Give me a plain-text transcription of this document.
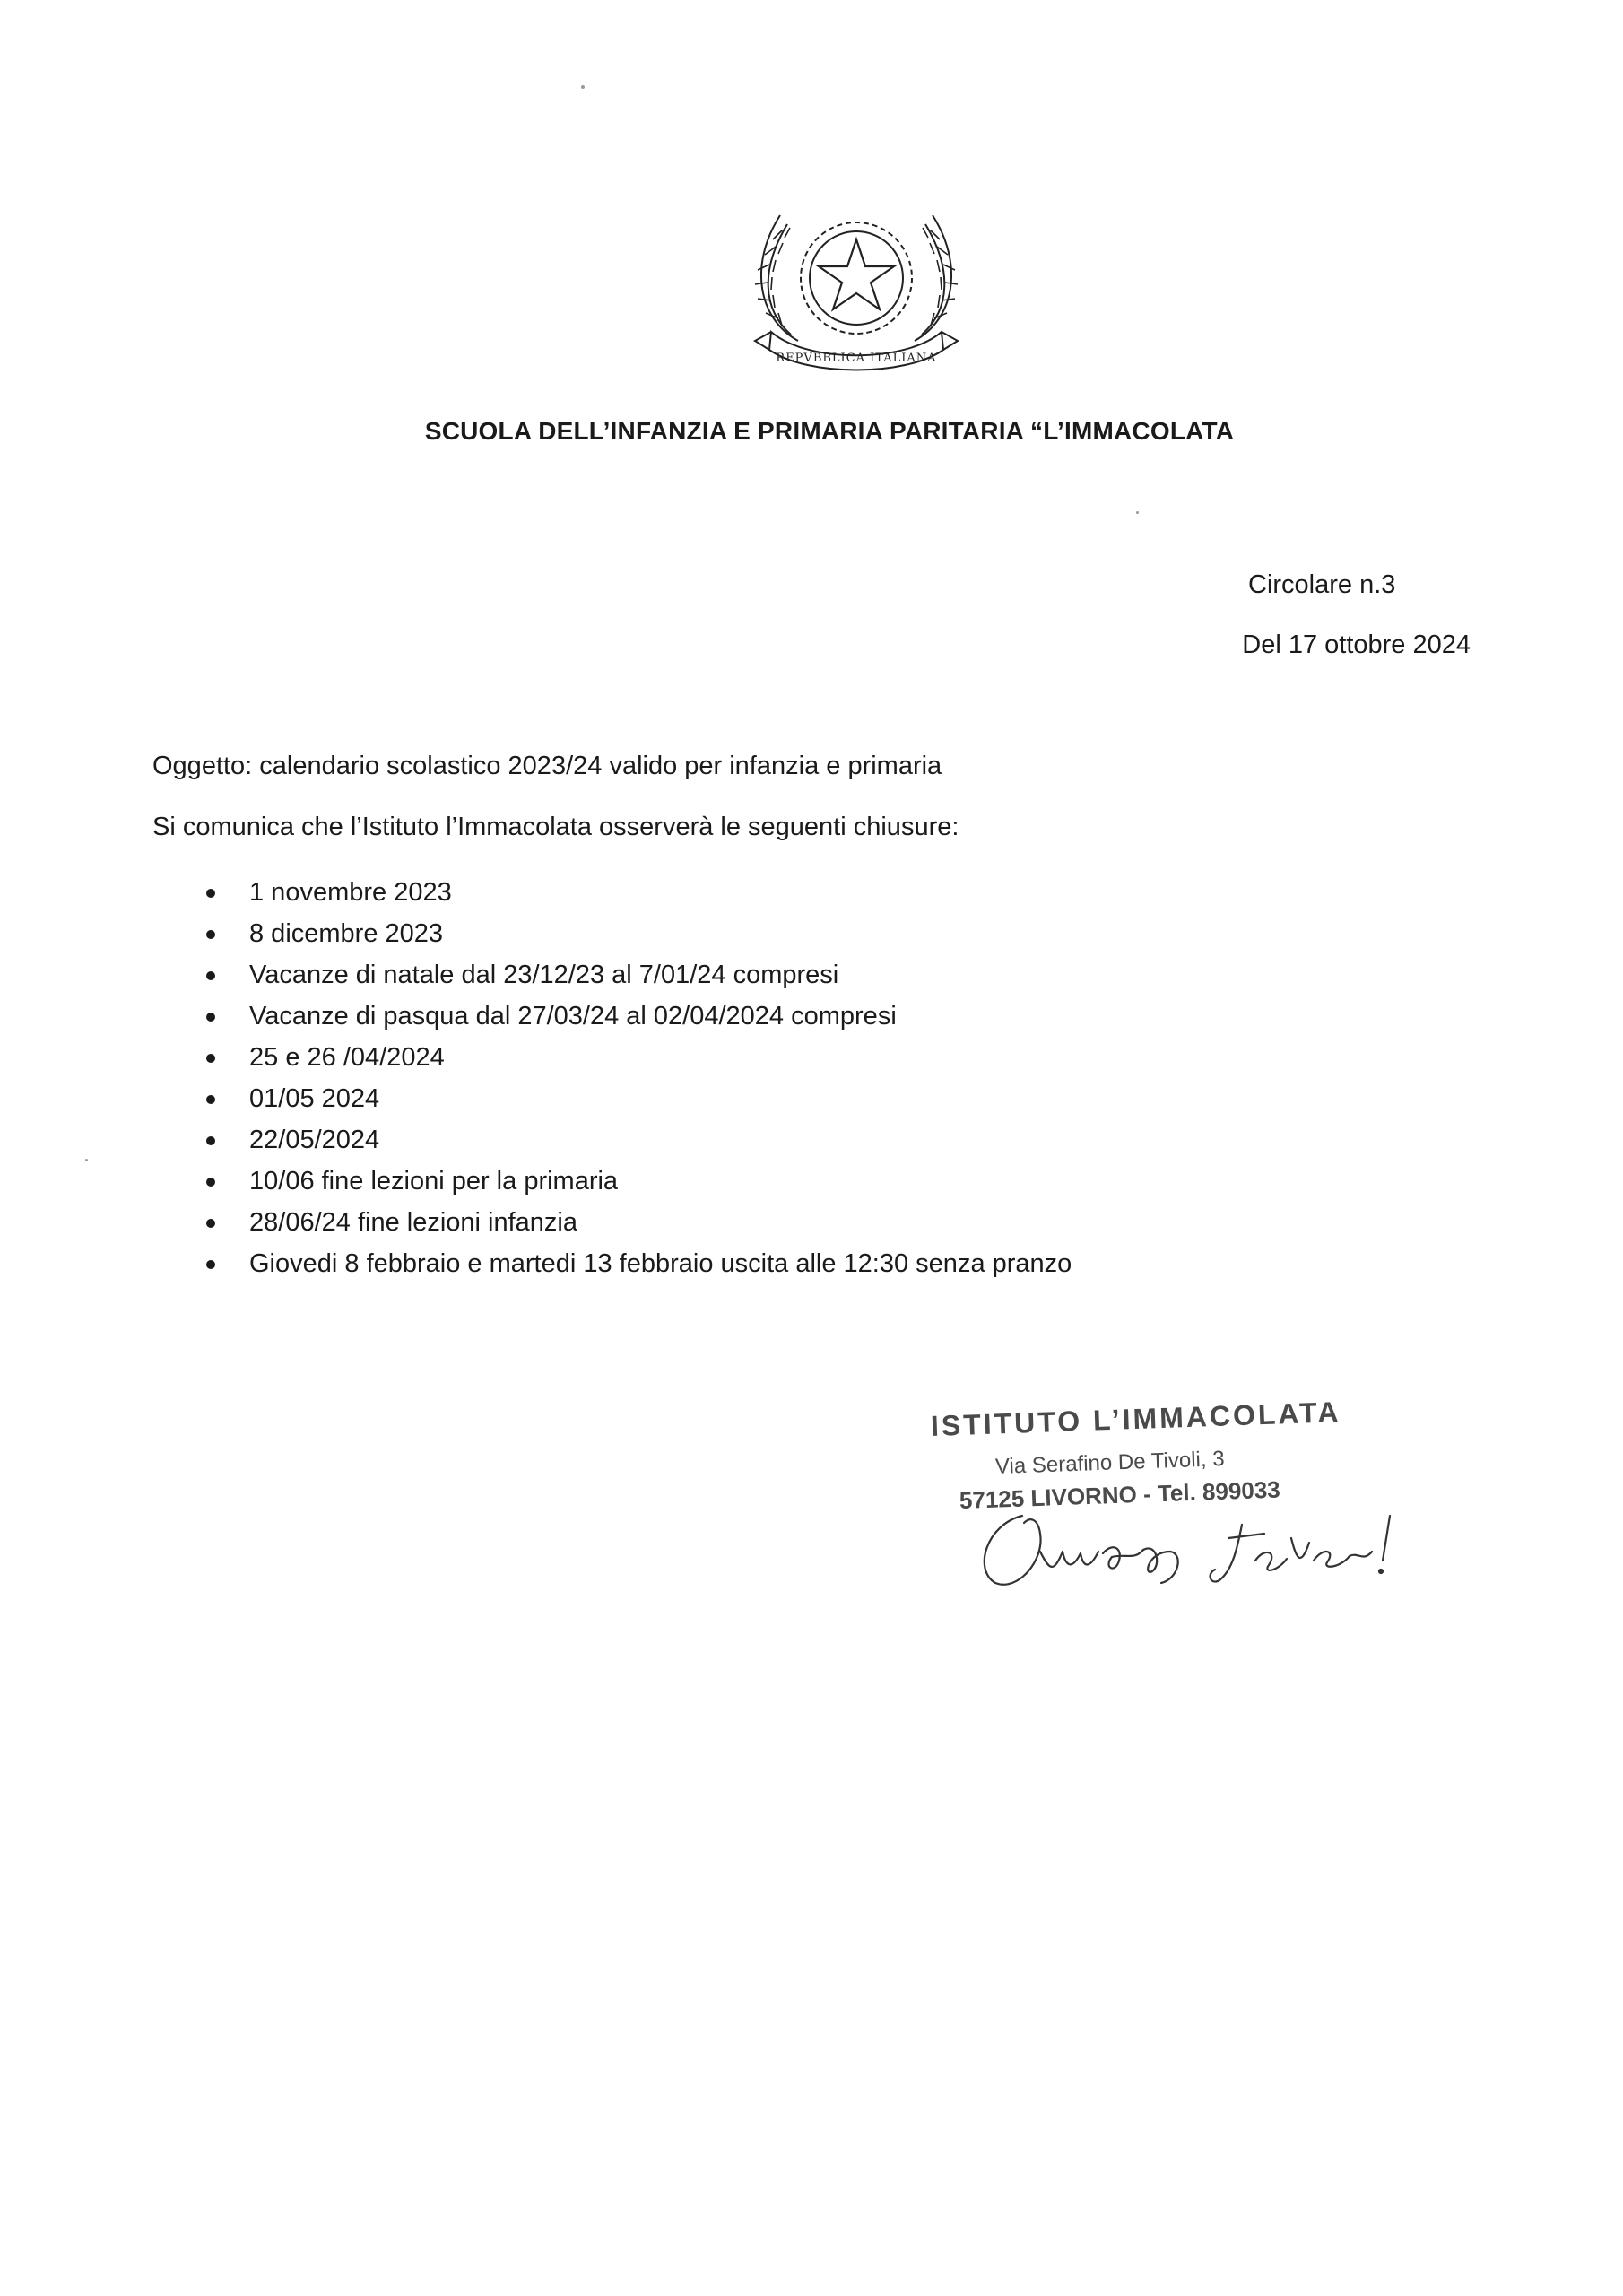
REPVBBLICA ITALIANA
SCUOLA DELL’INFANZIA E PRIMARIA PARITARIA “L’IMMACOLATA
Circolare n.3
Del 17 ottobre 2024
Oggetto: calendario scolastico 2023/24 valido per infanzia e primaria
Si comunica che l’Istituto l’Immacolata osserverà le seguenti chiusure:
1 novembre 2023
8 dicembre 2023
Vacanze di natale dal 23/12/23 al 7/01/24 compresi
Vacanze di pasqua dal 27/03/24 al 02/04/2024 compresi
25 e 26 /04/2024
01/05 2024
22/05/2024
10/06 fine lezioni per la primaria
28/06/24 fine lezioni infanzia
Giovedi 8 febbraio e martedi 13 febbraio uscita alle 12:30 senza pranzo
ISTITUTO L’IMMACOLATA
Via Serafino De Tivoli, 3
57125 LIVORNO - Tel. 899033
